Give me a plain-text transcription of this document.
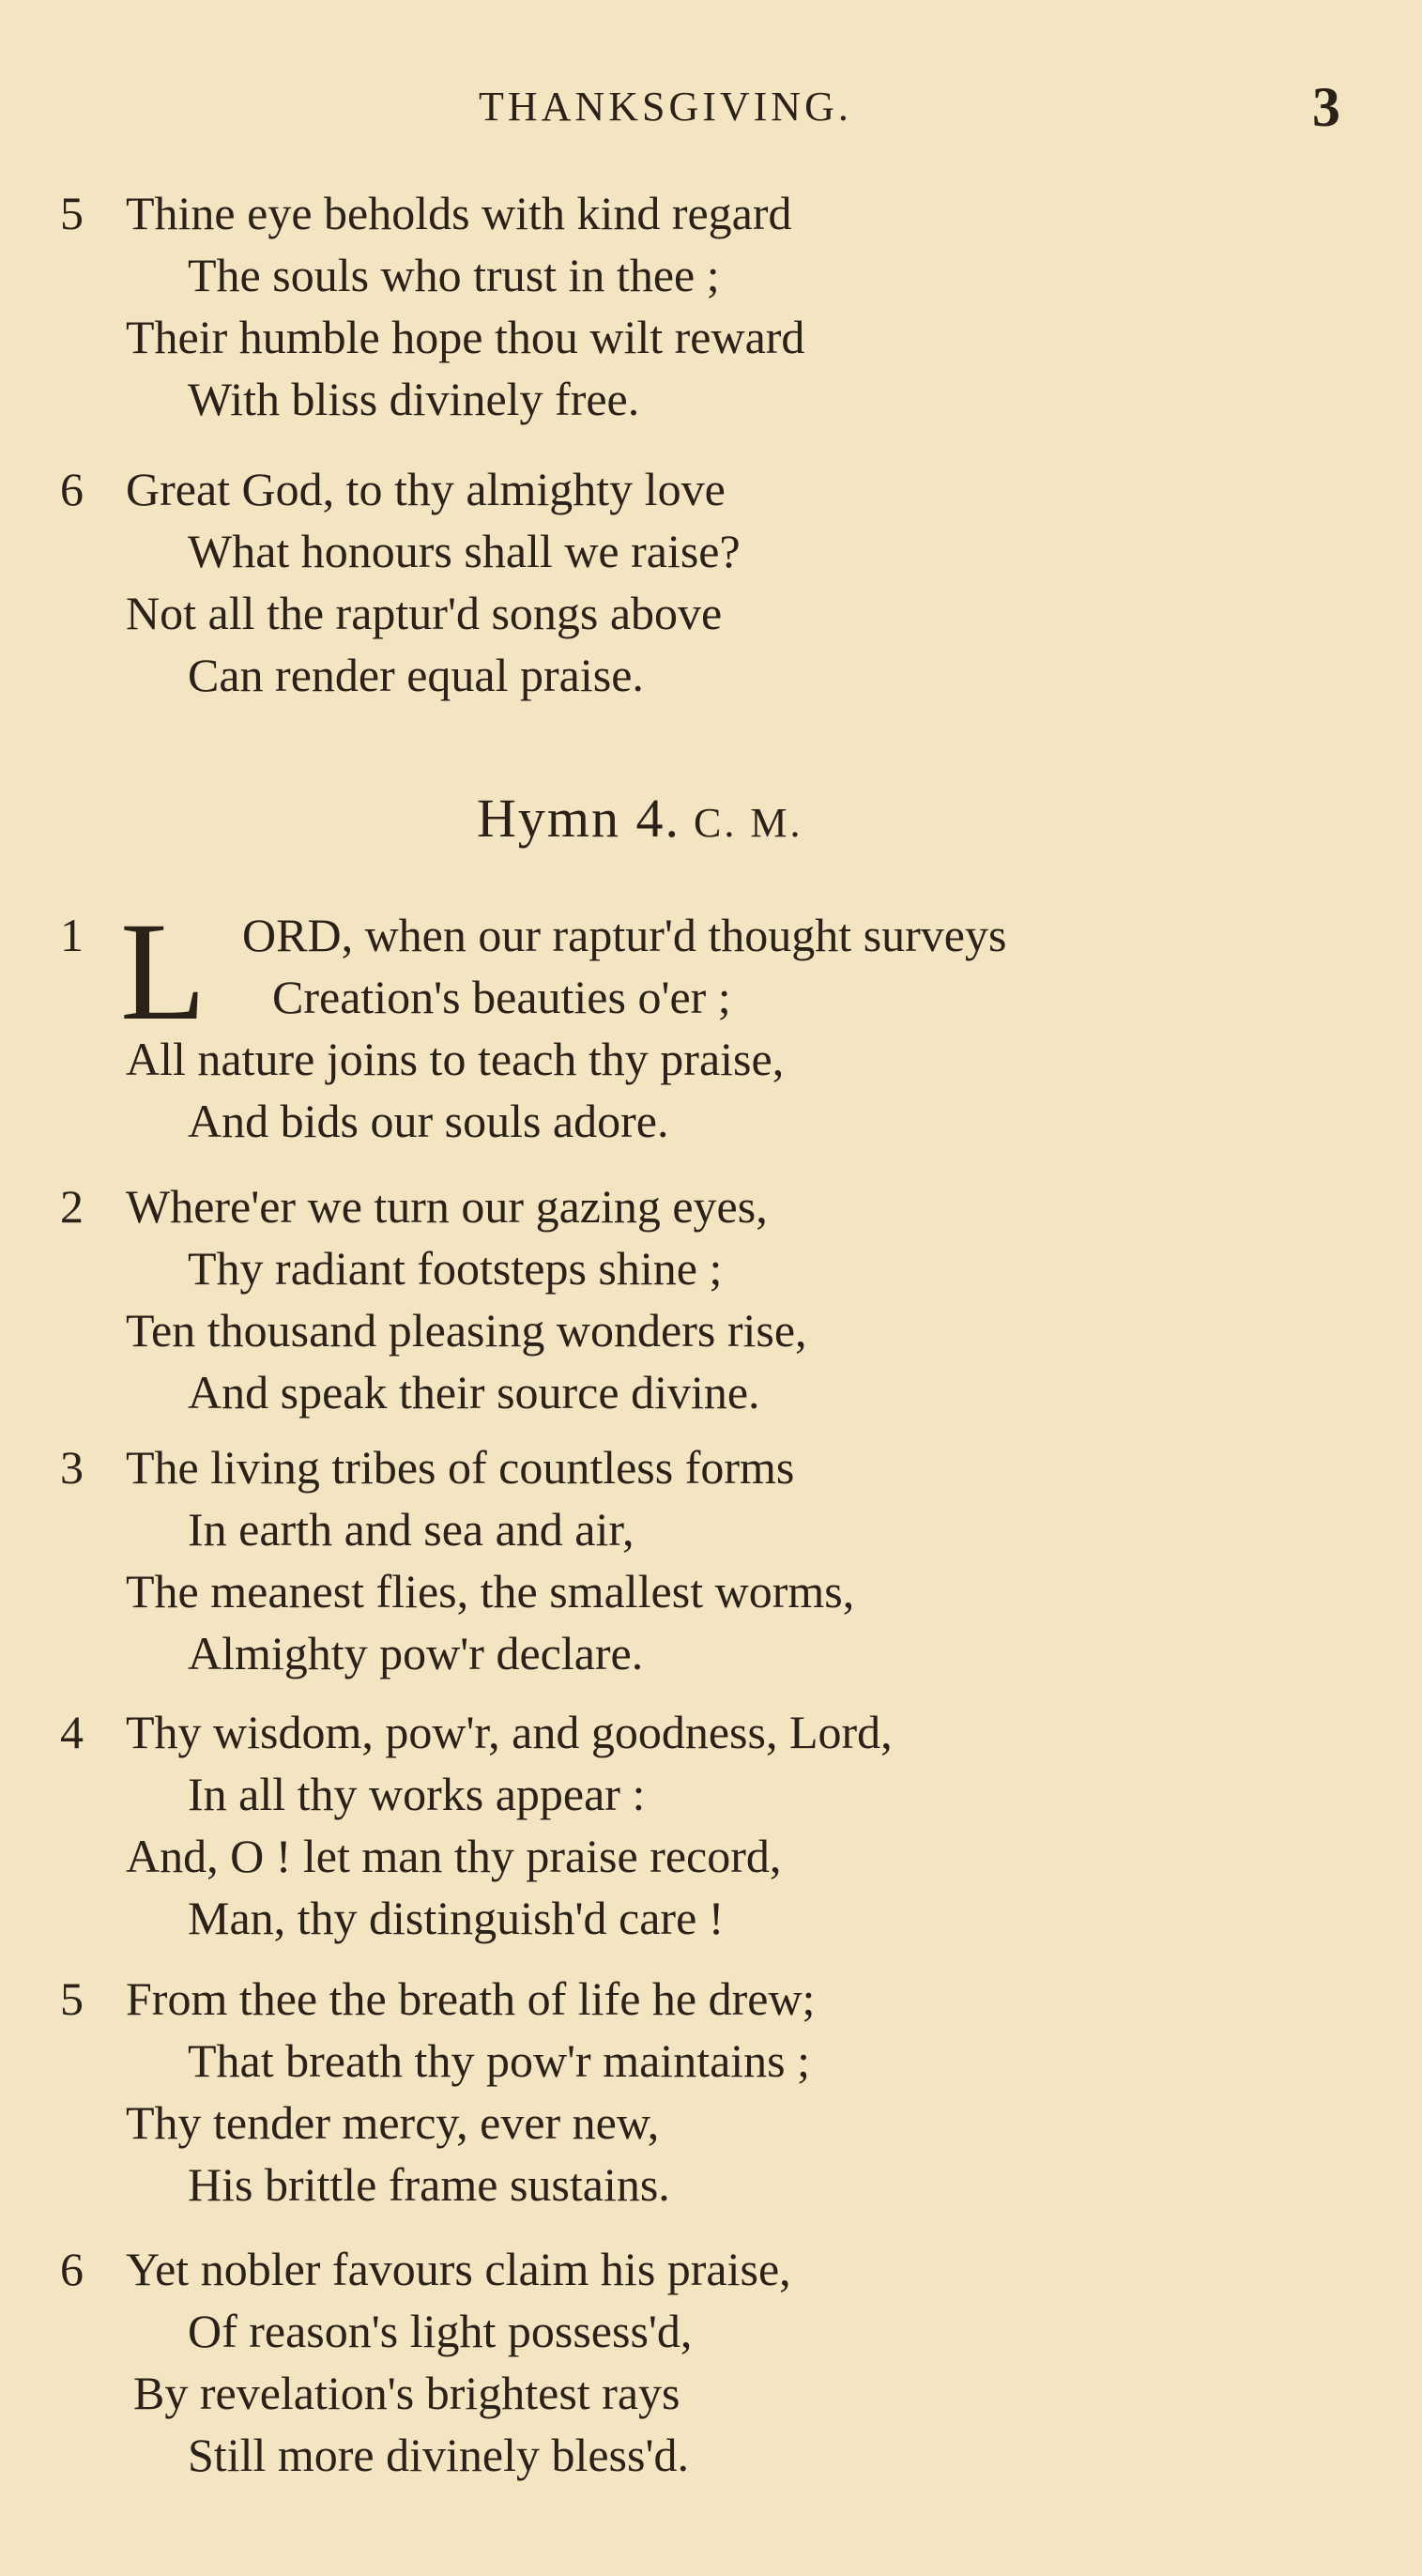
THANKSGIVING.	3
5 Thine eye beholds with kind regard
The souls who trust in thee ;
Their humble hope thou wilt reward
With bliss divinely free.
6 Great God, to thy almighty love
What honours shall we raise?
Not all the raptur'd songs above
Can render equal praise.
Hymn 4. C. M.
L
1	ORD, when our raptur'd thought surveys
Creation's beauties o'er ;
All nature joins to teach thy praise,
And bids our souls adore.
2 Where'er we turn our gazing eyes,
Thy radiant footsteps shine ;
Ten thousand pleasing wonders rise,
And speak their source divine.
3 The living tribes of countless forms
In earth and sea and air,
The meanest flies, the smallest worms,
Almighty pow'r declare.
4 Thy wisdom, pow'r, and goodness, Lord,
In all thy works appear :
And, O ! let man thy praise record,
Man, thy distinguish'd care !
5 From thee the breath of life he drew;
That breath thy pow'r maintains ;
Thy tender mercy, ever new,
His brittle frame sustains.
6 Yet nobler favours claim his praise,
Of reason's light possess'd,
By revelation's brightest rays
Still more divinely bless'd.
